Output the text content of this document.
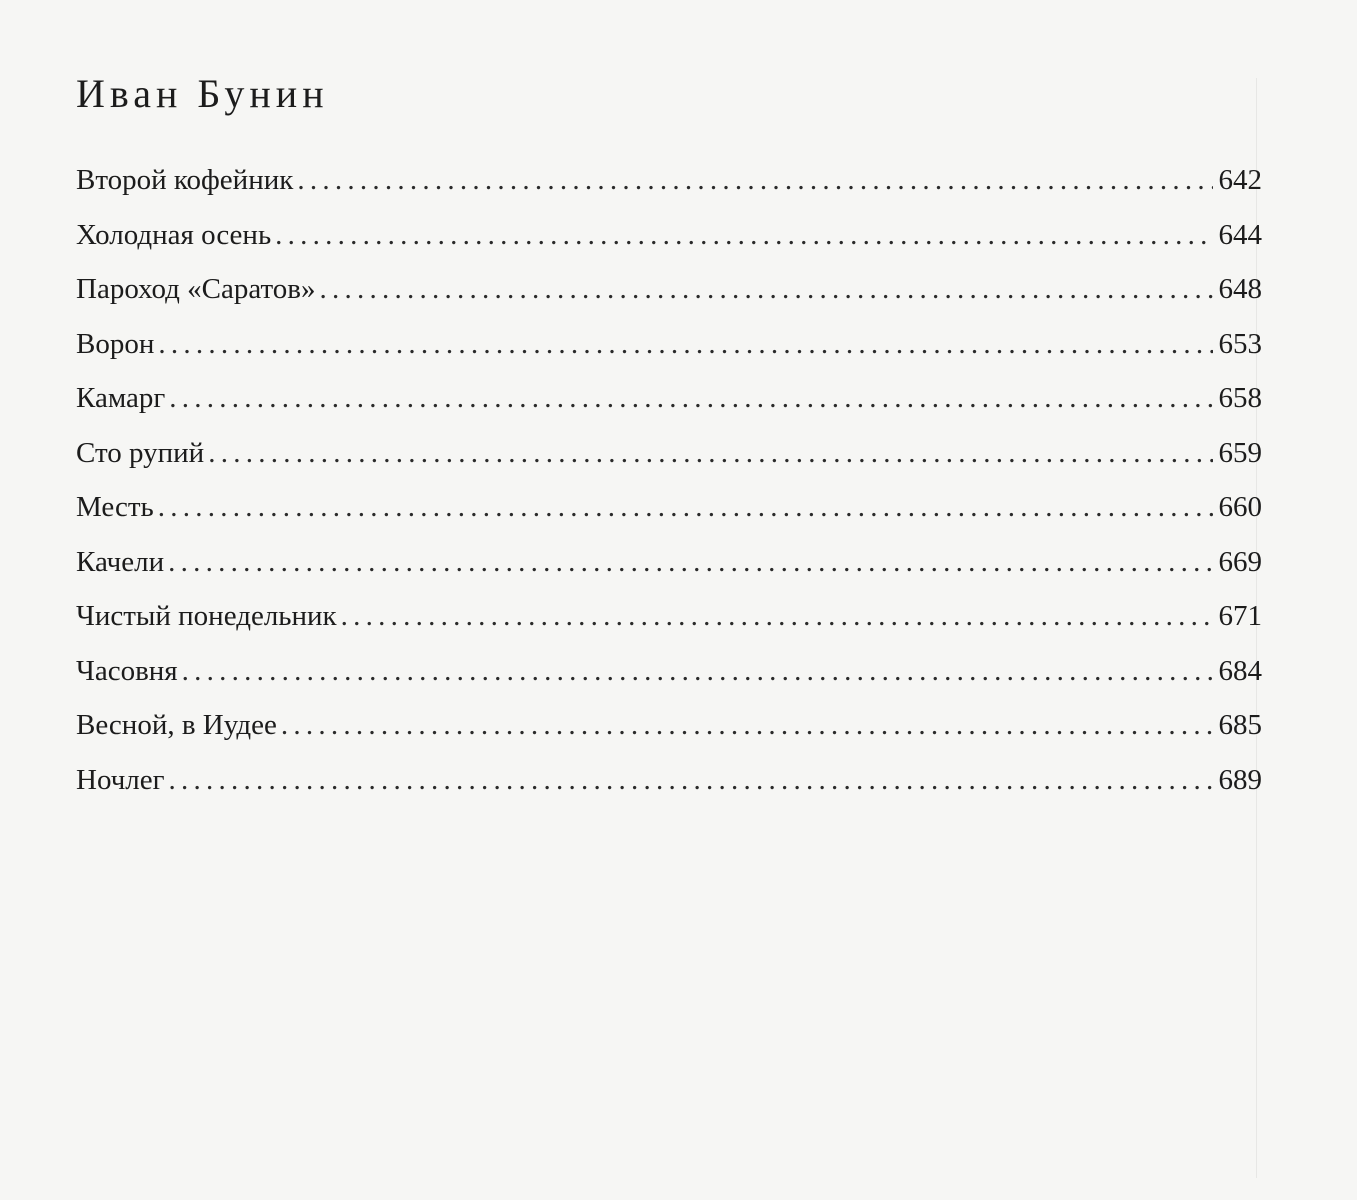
Иван Бунин
Второй кофейник . . .	642
Холодная осень . . .	644
Пароход «Саратов» . . .	648
Ворон . . .	653
Камарг . . .	658
Сто рупий . . .	659
Месть . . .	660
Качели . . .	669
Чистый понедельник . . .	671
Часовня . . .	684
Весной, в Иудее . . .	685
Ночлег . . .	689
